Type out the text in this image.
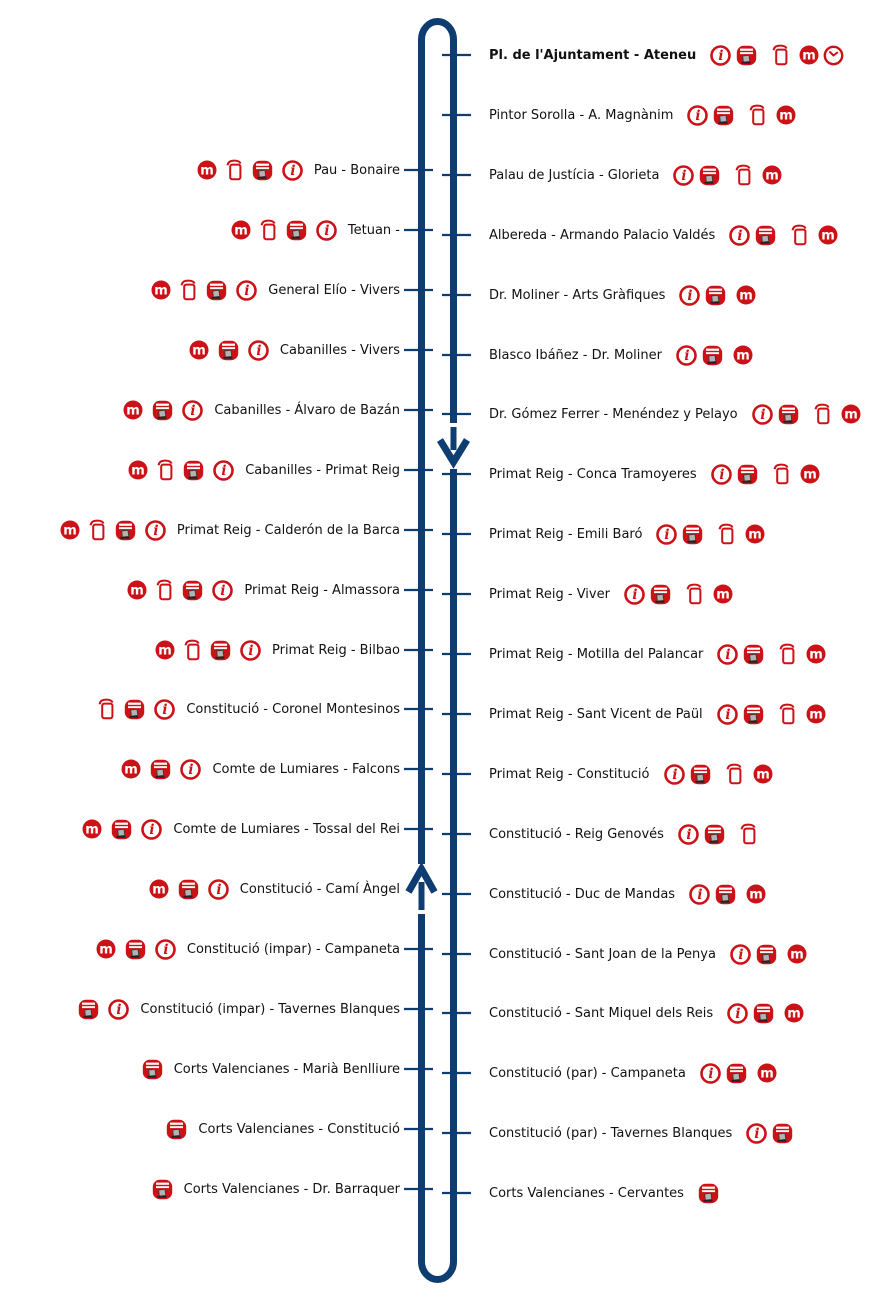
m	i Pau - Bonaire
m	i Tetuan -
m	i General Elío - Vivers
m	i Cabanilles - Vivers
m	i Cabanilles - Álvaro de Bazán
m	i Cabanilles - Primat Reig
m	i Primat Reig - Calderón de la Barca
m	i Primat Reig - Almassora
m	i Primat Reig - Bilbao
i Constitució - Coronel Montesinos
m	i Comte de Lumiares - Falcons
m	i Comte de Lumiares - Tossal del Rei
m	i Constitució - Camí Àngel
m	i Constitució (impar) - Campaneta
i Constitució (impar) - Tavernes Blanques
Corts Valencianes - Marià Benlliure
Corts Valencianes - Constitució
Corts Valencianes - Dr. Barraquer
Pl. de l'Ajuntament - Ateneu i	m
Pintor Sorolla - A. Magnànim i	m
Palau de Justícia - Glorieta i	m
Albereda - Armando Palacio Valdés i	m
Dr. Moliner - Arts Gràfiques i	m
Blasco Ibáñez - Dr. Moliner i	m
Dr. Gómez Ferrer - Menéndez y Pelayo i	m
Primat Reig - Conca Tramoyeres i	m
Primat Reig - Emili Baró i	m
Primat Reig - Viver i	m
Primat Reig - Motilla del Palancar i	m
Primat Reig - Sant Vicent de Paül i	m
Primat Reig - Constitució i	m
Constitució - Reig Genovés i
Constitució - Duc de Mandas i	m
Constitució - Sant Joan de la Penya i	m
Constitució - Sant Miquel dels Reis i	m
Constitució (par) - Campaneta i	m
Constitució (par) - Tavernes Blanques i
Corts Valencianes - Cervantes
